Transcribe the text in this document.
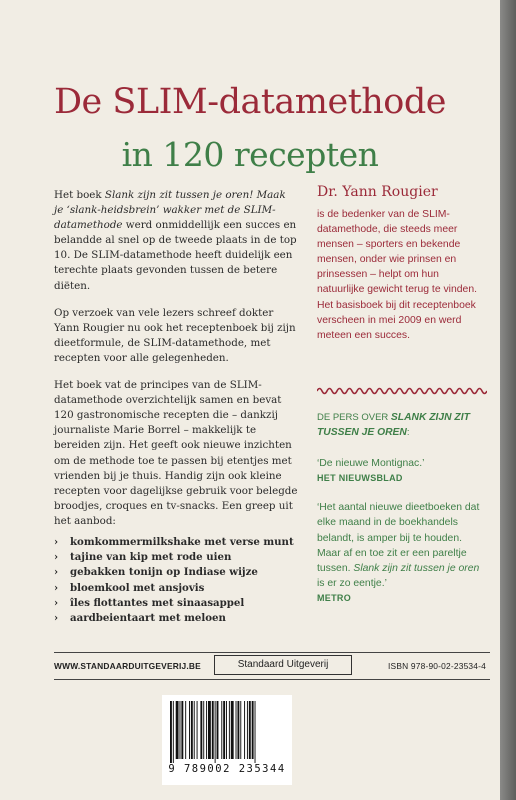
De SLIM-datamethode
in 120 recepten

Het boek Slank zijn zit tussen je oren! Maak je ‘slank-heidsbrein’ wakker met de SLIM-datamethode werd onmiddellijk een succes en belandde al snel op de tweede plaats in de top 10. De SLIM-datamethode heeft duidelijk een terechte plaats gevonden tussen de betere diëten.

Op verzoek van vele lezers schreef dokter Yann Rougier nu ook het receptenboek bij zijn dieetformule, de SLIM-datamethode, met recepten voor alle gelegenheden.

Het boek vat de principes van de SLIM-datamethode overzichtelijk samen en bevat 120 gastronomische recepten die – dankzij journaliste Marie Borrel – makkelijk te bereiden zijn. Het geeft ook nieuwe inzichten om de methode toe te passen bij etentjes met vrienden bij je thuis. Handig zijn ook kleine recepten voor dagelijkse gebruik voor belegde broodjes, croques en tv-snacks. Een greep uit het aanbod:

› komkommermilkshake met verse munt
› tajine van kip met rode uien
› gebakken tonijn op Indiase wijze
› bloemkool met ansjovis
› îles flottantes met sinaasappel
› aardbeientaart met meloen
Dr. Yann Rougier
is de bedenker van de SLIM-datamethode, die steeds meer mensen – sporters en bekende mensen, onder wie prinsen en prinsessen – helpt om hun natuurlijke gewicht terug te vinden. Het basisboek bij dit receptenboek verscheen in mei 2009 en werd meteen een succes.
DE PERS OVER SLANK ZIJN ZIT TUSSEN JE OREN:
‘De nieuwe Montignac.’
HET NIEUWSBLAD
‘Het aantal nieuwe dieetboeken dat elke maand in de boekhandels belandt, is amper bij te houden. Maar af en toe zit er een pareltje tussen. Slank zijn zit tussen je oren is er zo eentje.’
METRO
WWW.STANDAARDUITGEVERIJ.BE	Standaard Uitgeverij	ISBN 978-90-02-23534-4
9 789002 235344
